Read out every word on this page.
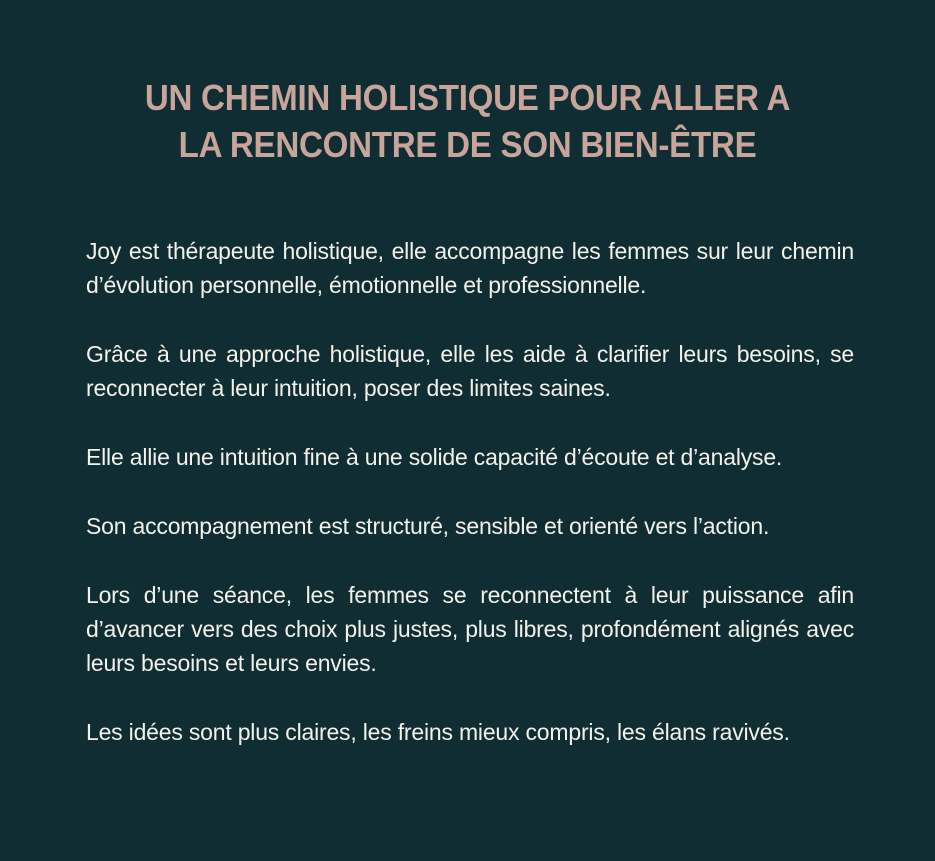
UN CHEMIN HOLISTIQUE POUR ALLER A
LA RENCONTRE DE SON BIEN-ÊTRE

Joy est thérapeute holistique, elle accompagne les femmes sur leur chemin d’évolution personnelle, émotionnelle et professionnelle.

Grâce à une approche holistique, elle les aide à clarifier leurs besoins, se reconnecter à leur intuition, poser des limites saines.

Elle allie une intuition fine à une solide capacité d’écoute et d’analyse.

Son accompagnement est structuré, sensible et orienté vers l’action.

Lors d’une séance, les femmes se reconnectent à leur puissance afin d’avancer vers des choix plus justes, plus libres, profondément alignés avec leurs besoins et leurs envies.

Les idées sont plus claires, les freins mieux compris, les élans ravivés.
